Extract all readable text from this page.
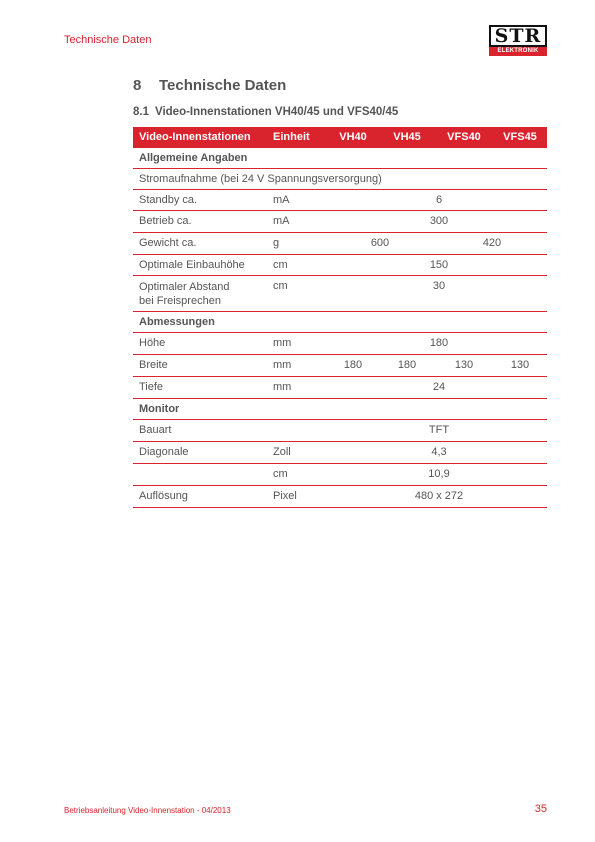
Technische Daten	STR
ELEKTRONIK
8 Technische Daten
8.1 Video-Innenstationen VH40/45 und VFS40/45
Video-Innenstationen Einheit	VH40	VH45	VFS40	VFS45
Allgemeine Angaben
Stromaufnahme (bei 24 V Spannungsversorgung)
Standby ca.	mA	6
Betrieb ca.	mA	300
Gewicht ca.	g	600	420
Optimale Einbauhöhe	cm	150
Optimaler Abstand
bei Freisprechen
cm	30
Abmessungen
Höhe	mm	180
Breite	mm	180	180	130	130
Tiefe	mm	24
Monitor
Bauart	TFT
Diagonale	Zoll	4,3
cm	10,9
Auflösung	Pixel	480 x 272
Betriebsanleitung Video-Innenstation - 04/2013	35
